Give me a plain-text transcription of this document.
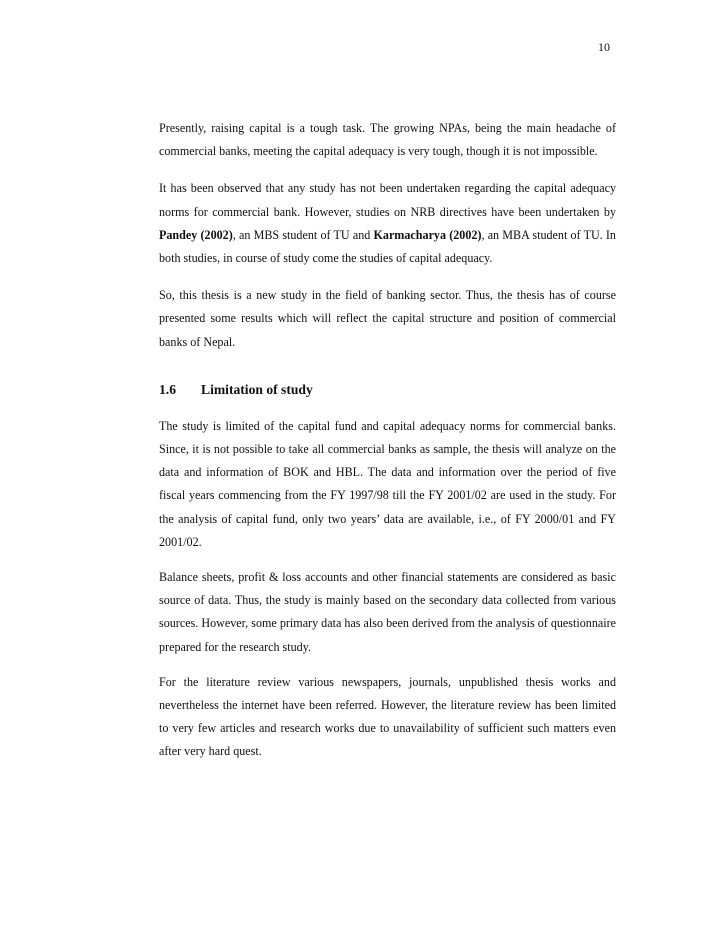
10

Presently, raising capital is a tough task. The growing NPAs, being the main headache of commercial banks, meeting the capital adequacy is very tough, though it is not impossible.

It has been observed that any study has not been undertaken regarding the capital adequacy norms for commercial bank. However, studies on NRB directives have been undertaken by Pandey (2002), an MBS student of TU and Karmacharya (2002), an MBA student of TU. In both studies, in course of study come the studies of capital adequacy.

So, this thesis is a new study in the field of banking sector. Thus, the thesis has of course presented some results which will reflect the capital structure and position of commercial banks of Nepal.

1.6 Limitation of study

The study is limited of the capital fund and capital adequacy norms for commercial banks. Since, it is not possible to take all commercial banks as sample, the thesis will analyze on the data and information of BOK and HBL. The data and information over the period of five fiscal years commencing from the FY 1997/98 till the FY 2001/02 are used in the study. For the analysis of capital fund, only two years’ data are available, i.e., of FY 2000/01 and FY 2001/02.

Balance sheets, profit & loss accounts and other financial statements are considered as basic source of data. Thus, the study is mainly based on the secondary data collected from various sources. However, some primary data has also been derived from the analysis of questionnaire prepared for the research study.

For the literature review various newspapers, journals, unpublished thesis works and nevertheless the internet have been referred. However, the literature review has been limited to very few articles and research works due to unavailability of sufficient such matters even after very hard quest.
